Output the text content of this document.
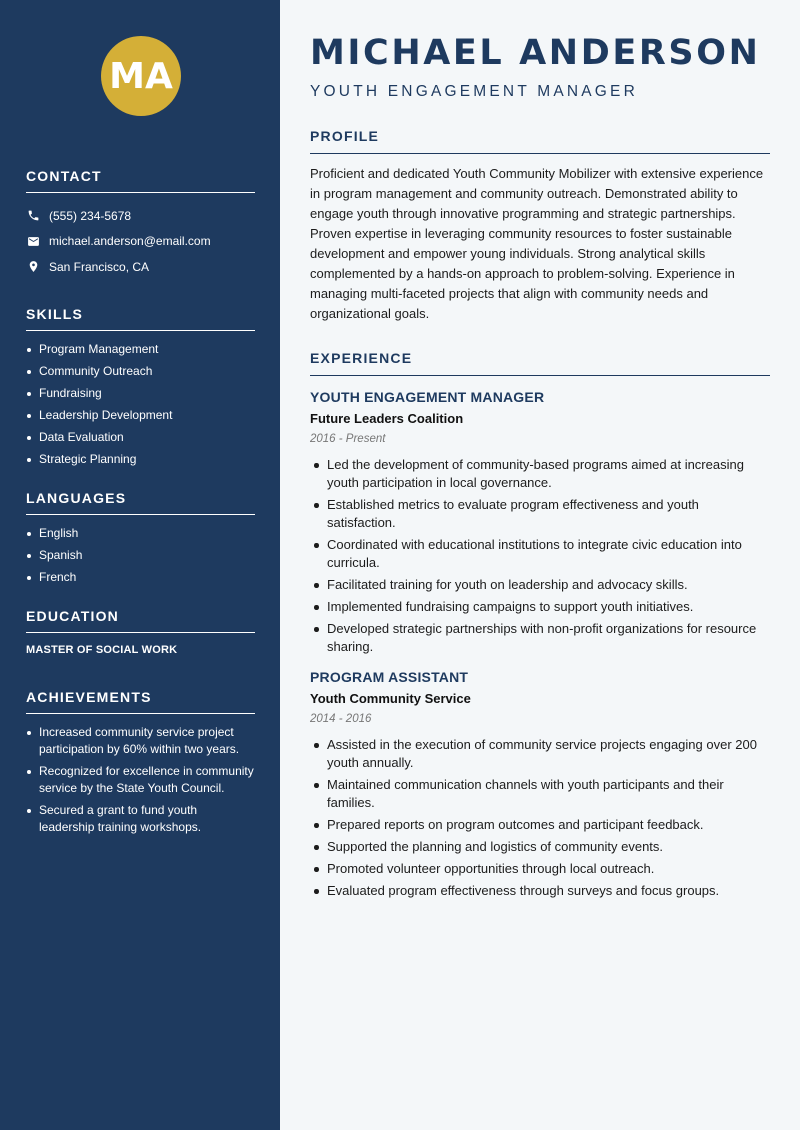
MA
CONTACT
(555) 234-5678
michael.anderson@email.com
San Francisco, CA
SKILLS
Program Management
Community Outreach
Fundraising
Leadership Development
Data Evaluation
Strategic Planning
LANGUAGES
English
Spanish
French
EDUCATION
MASTER OF SOCIAL WORK
ACHIEVEMENTS
Increased community service project participation by 60% within two years.
Recognized for excellence in community service by the State Youth Council.
Secured a grant to fund youth leadership training workshops.
MICHAEL ANDERSON
YOUTH ENGAGEMENT MANAGER
PROFILE

Proficient and dedicated Youth Community Mobilizer with extensive experience in program management and community outreach. Demonstrated ability to engage youth through innovative programming and strategic partnerships. Proven expertise in leveraging community resources to foster sustainable development and empower young individuals. Strong analytical skills complemented by a hands-on approach to problem-solving. Experience in managing multi-faceted projects that align with community needs and organizational goals.

EXPERIENCE
YOUTH ENGAGEMENT MANAGER
Future Leaders Coalition
2016 - Present
Led the development of community-based programs aimed at increasing youth participation in local governance.
Established metrics to evaluate program effectiveness and youth satisfaction.
Coordinated with educational institutions to integrate civic education into curricula.
Facilitated training for youth on leadership and advocacy skills.
Implemented fundraising campaigns to support youth initiatives.
Developed strategic partnerships with non-profit organizations for resource sharing.
PROGRAM ASSISTANT
Youth Community Service
2014 - 2016
Assisted in the execution of community service projects engaging over 200 youth annually.
Maintained communication channels with youth participants and their families.
Prepared reports on program outcomes and participant feedback.
Supported the planning and logistics of community events.
Promoted volunteer opportunities through local outreach.
Evaluated program effectiveness through surveys and focus groups.
